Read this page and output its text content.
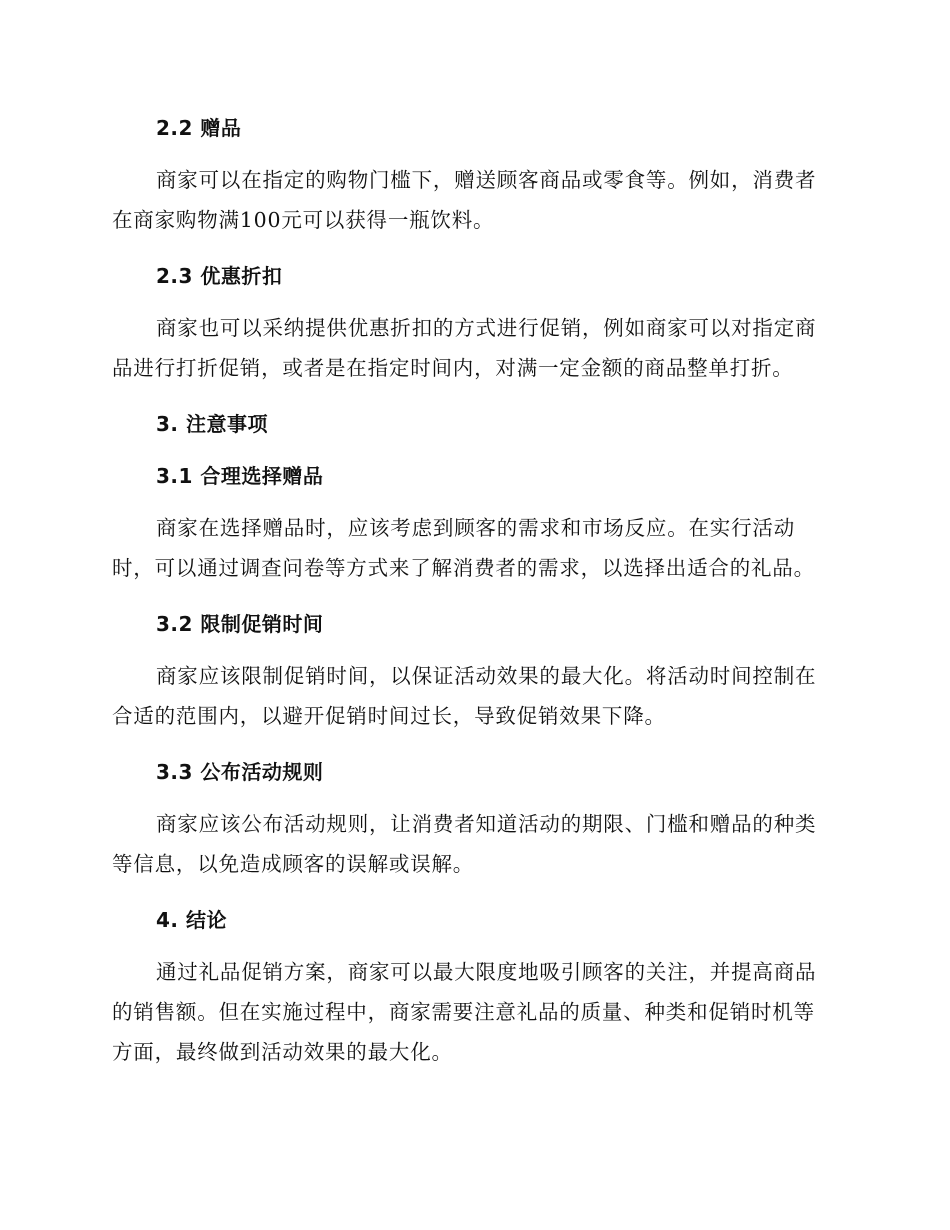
2.2 赠品

商家可以在指定的购物门槛下，赠送顾客商品或零食等。例如，消费者在商家购物满100元可以获得一瓶饮料。

2.3 优惠折扣

商家也可以采纳提供优惠折扣的方式进行促销，例如商家可以对指定商品进行打折促销，或者是在指定时间内，对满一定金额的商品整单打折。

3. 注意事项
3.1 合理选择赠品

商家在选择赠品时，应该考虑到顾客的需求和市场反应。在实行活动时，可以通过调查问卷等方式来了解消费者的需求，以选择出适合的礼品。

3.2 限制促销时间

商家应该限制促销时间，以保证活动效果的最大化。将活动时间控制在合适的范围内，以避开促销时间过长，导致促销效果下降。

3.3 公布活动规则

商家应该公布活动规则，让消费者知道活动的期限、门槛和赠品的种类等信息，以免造成顾客的误解或误解。

4. 结论

通过礼品促销方案，商家可以最大限度地吸引顾客的关注，并提高商品的销售额。但在实施过程中，商家需要注意礼品的质量、种类和促销时机等方面，最终做到活动效果的最大化。
